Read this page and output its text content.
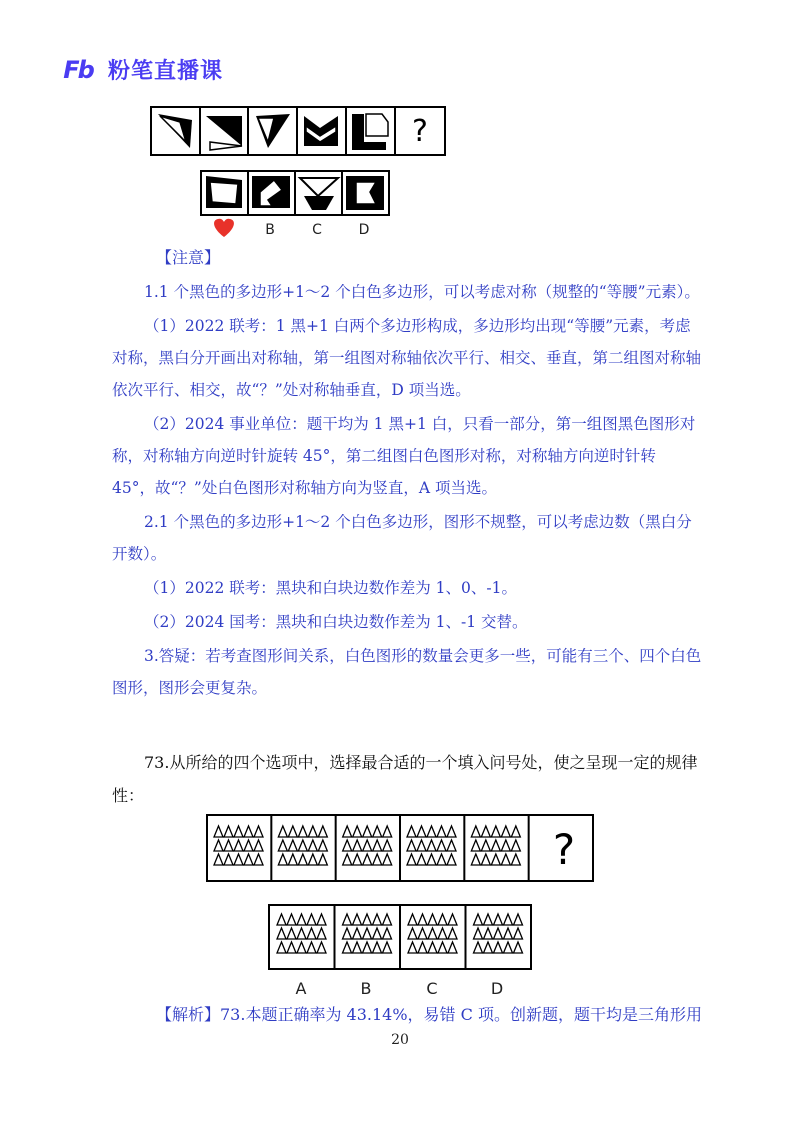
Fb 粉笔直播课
?
B	C	D
【注意】

1.1 个黑色的多边形+1～2 个白色多边形，可以考虑对称（规整的“等腰”元素）。

（1）2022 联考：1 黑+1 白两个多边形构成，多边形均出现“等腰”元素，考虑对称，黑白分开画出对称轴，第一组图对称轴依次平行、相交、垂直，第二组图对称轴依次平行、相交，故“？”处对称轴垂直，D 项当选。

（2）2024 事业单位：题干均为 1 黑+1 白，只看一部分，第一组图黑色图形对称，对称轴方向逆时针旋转 45°，第二组图白色图形对称，对称轴方向逆时针转 45°，故“？”处白色图形对称轴方向为竖直，A 项当选。

2.1 个黑色的多边形+1～2 个白色多边形，图形不规整，可以考虑边数（黑白分开数）。

（1）2022 联考：黑块和白块边数作差为 1、0、-1。

（2）2024 国考：黑块和白块边数作差为 1、-1 交替。

3.答疑：若考查图形间关系，白色图形的数量会更多一些，可能有三个、四个白色图形，图形会更复杂。

73.从所给的四个选项中，选择最合适的一个填入问号处，使之呈现一定的规律性：

?
A	B	C	D
【解析】73.本题正确率为 43.14%，易错 C 项。创新题，题干均是三角形用
20
